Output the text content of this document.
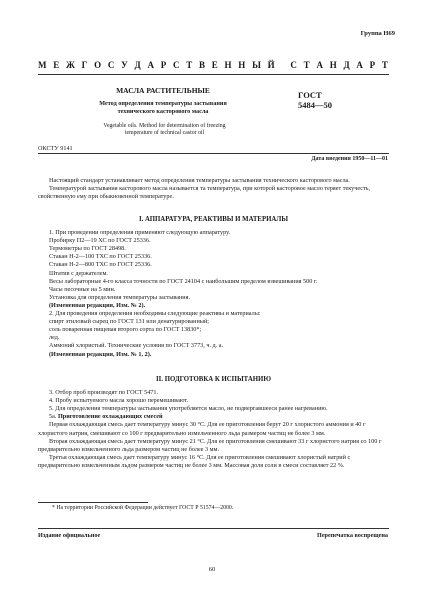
Группа Н69
М Е Ж Г О С У Д А Р С Т В Е Н Н Ы Й
С Т А Н Д А Р Т
МАСЛА РАСТИТЕЛЬНЫЕ
Метод определения температуры застывания
технического касторового масла
Vegetable oils. Method for determination of freezing
temperature of technical castor oil
ГОСТ
5484—50
ОКСТУ 9141
Дата введения 1950—11—01

Настоящий стандарт устанавливает метод определения температуры застывания технического касторового масла.

Температурой застывания касторового масла называется та температура, при которой касторовое масло теряет текучесть, свойственную ему при обыкновенной температуре.

I. АППАРАТУРА, РЕАКТИВЫ И МАТЕРИАЛЫ

1. При проведении определения применяют следующую аппаратуру.

Пробирку П2—19 ХС по ГОСТ 25336.

Термометры по ГОСТ 28498.

Стакан Н-2—100 ТХС по ГОСТ 25336.

Стакан Н-2—800 ТХС по ГОСТ 25336.

Штатив с держателем.

Весы лабораторные 4-го класса точности по ГОСТ 24104 с наибольшим пределом взвешивания 500 г.

Часы песочные на 5 мин.

Установка для определения температуры застывания.

(Измененная редакция, Изм. № 2).

2. Для проведения определения необходимы следующие реактивы и материалы:

спирт этиловый сырец по ГОСТ 131 или денатурированный;

соль поваренная пищевая второго сорта по ГОСТ 13830*;

лед.

Аммоний хлористый. Технические условия по ГОСТ 3773, ч. д. а.

(Измененная редакция, Изм. № 1, 2).

II. ПОДГОТОВКА К ИСПЫТАНИЮ

3. Отбор проб производят по ГОСТ 5471.

4. Пробу испытуемого масла хорошо перемешивают.

5. Для определения температуры застывания употребляется масло, не подвергавшееся ранее нагреванию.

5а. Приготовление охлаждающих смесей

Первая охлаждающая смесь дает температуру минус 30 °С. Для ее приготовления берут 20 г хлористого аммония и 40 г хлористого натрия, смешивают со 100 г предварительно измельченного льда размером частиц не более 3 мм.

Вторая охлаждающая смесь дает температуру минус 21 °С. Для ее приготовления смешивают 33 г хлористого натрия со 100 г предварительно измельченного льда размером частиц не более 3 мм.

Третья охлаждающая смесь дает температуру минус 16 °С. Для ее приготовления смешивают хлористый натрий с предварительно измельченным льдом размером частиц не более 3 мм. Массовая доля соли в смеси составляет 22 %.

* На территории Российской Федерации действует ГОСТ Р 51574—2000.
Издание официальное	Перепечатка воспрещена
60
